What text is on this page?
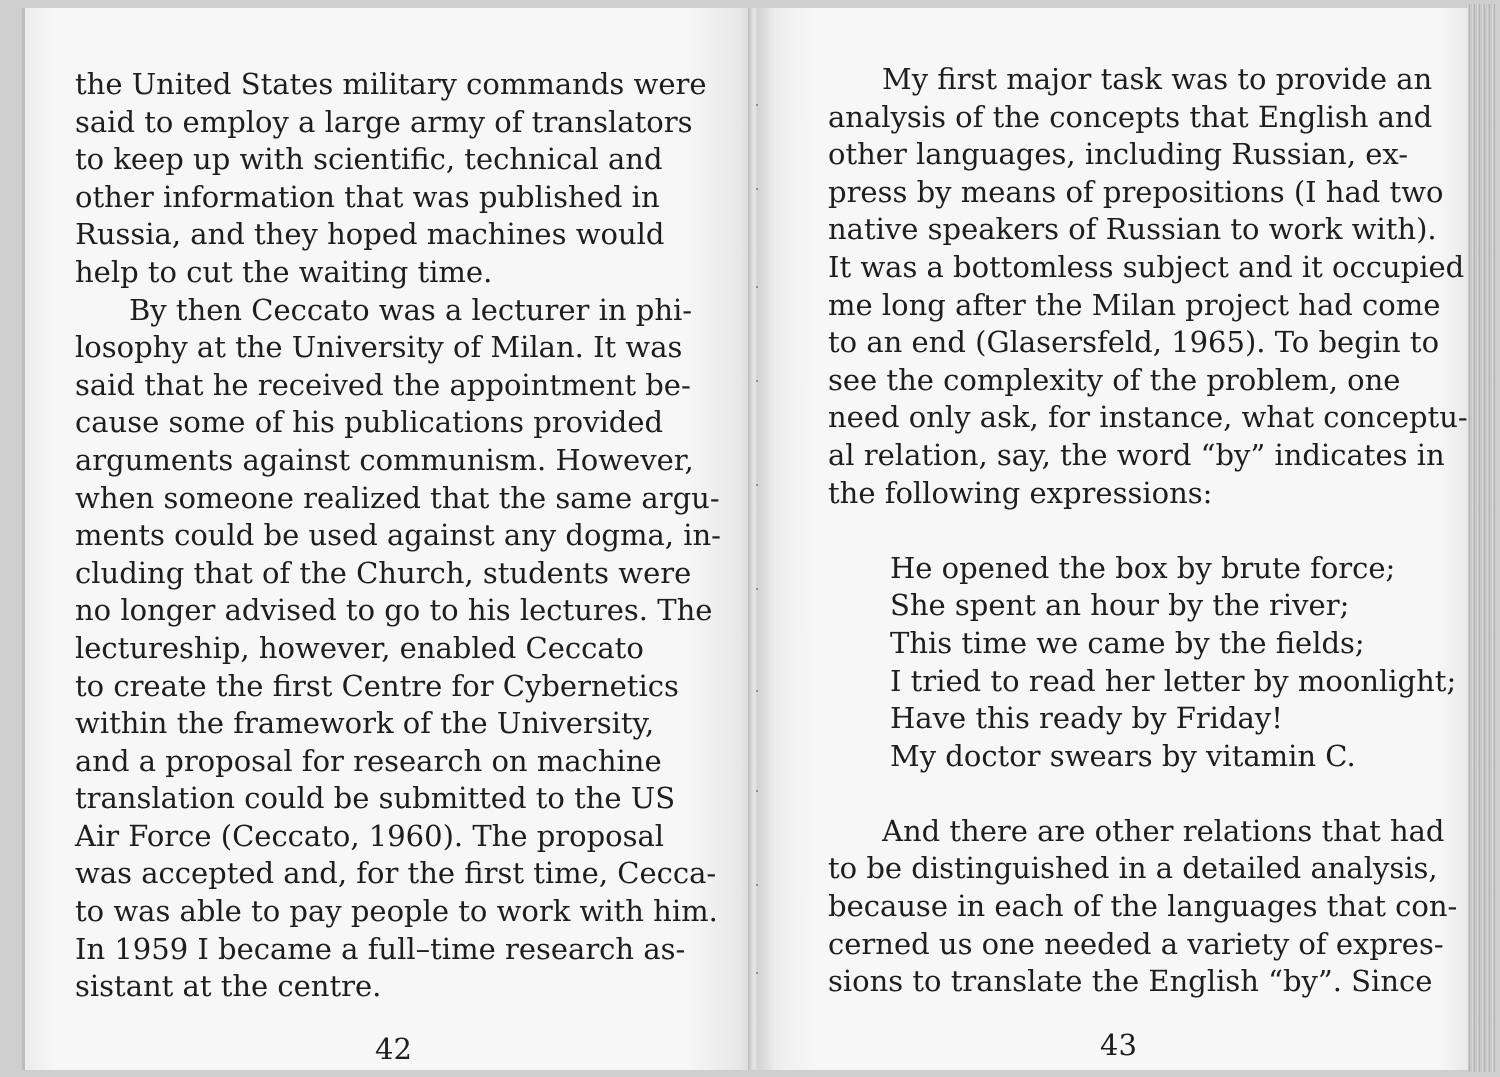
the United States military commands were
said to employ a large army of translators
to keep up with scientific, technical and
other information that was published in
Russia, and they hoped machines would
help to cut the waiting time.
By then Ceccato was a lecturer in phi-
losophy at the University of Milan. It was
said that he received the appointment be-
cause some of his publications provided
arguments against communism. However,
when someone realized that the same argu-
ments could be used against any dogma, in-
cluding that of the Church, students were
no longer advised to go to his lectures. The
lectureship, however, enabled Ceccato
to create the first Centre for Cybernetics
within the framework of the University,
and a proposal for research on machine
translation could be submitted to the US
Air Force (Ceccato, 1960). The proposal
was accepted and, for the first time, Cecca-
to was able to pay people to work with him.
In 1959 I became a full–time research as-
sistant at the centre.
42
My first major task was to provide an
analysis of the concepts that English and
other languages, including Russian, ex-
press by means of prepositions (I had two
native speakers of Russian to work with).
It was a bottomless subject and it occupied
me long after the Milan project had come
to an end (Glasersfeld, 1965). To begin to
see the complexity of the problem, one
need only ask, for instance, what conceptu-
al relation, say, the word “by” indicates in
the following expressions:
He opened the box by brute force;
She spent an hour by the river;
This time we came by the fields;
I tried to read her letter by moonlight;
Have this ready by Friday!
My doctor swears by vitamin C.
And there are other relations that had
to be distinguished in a detailed analysis,
because in each of the languages that con-
cerned us one needed a variety of expres-
sions to translate the English “by”. Since
43
